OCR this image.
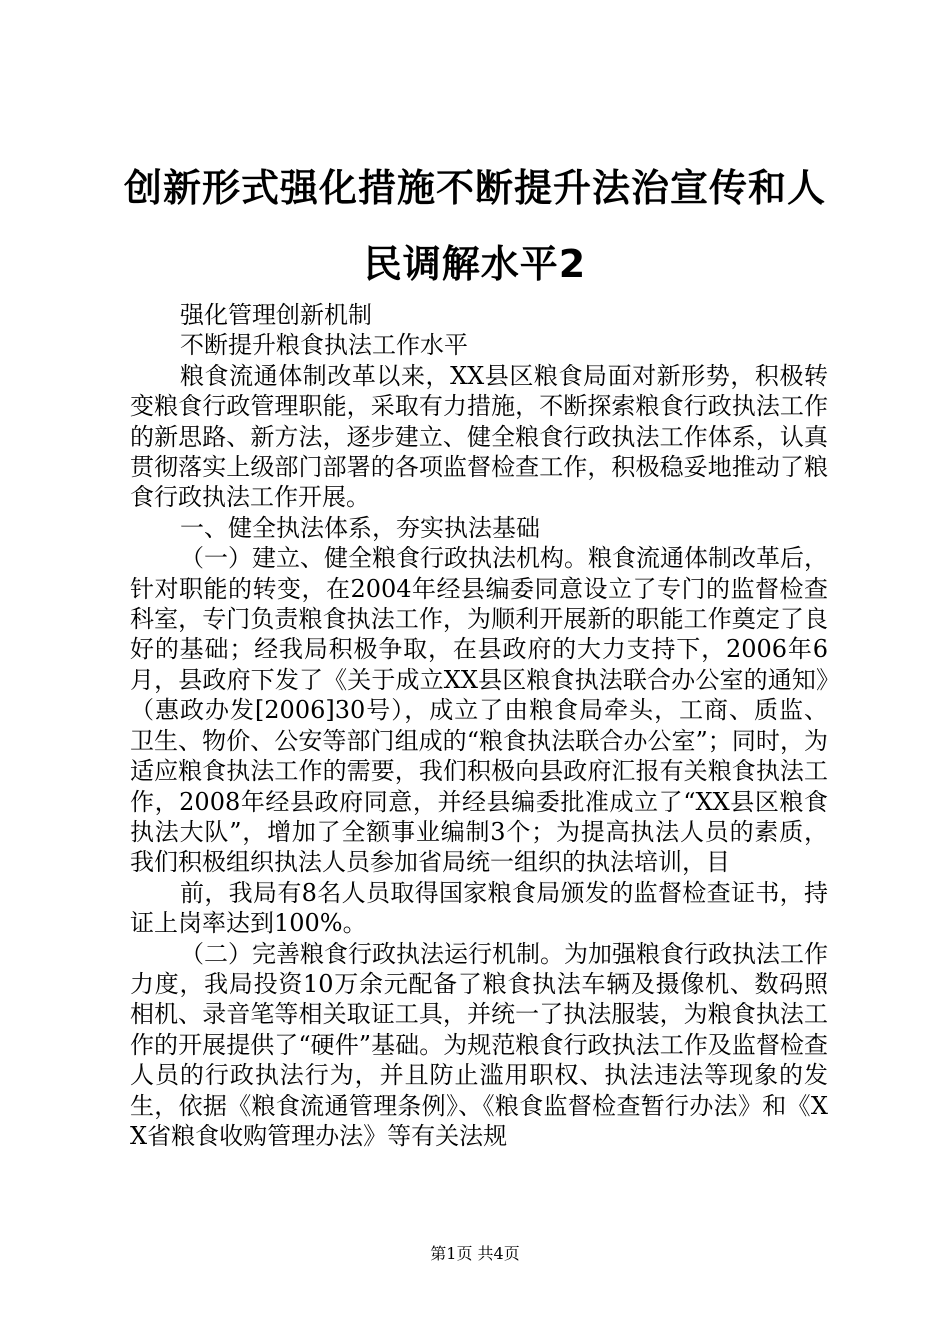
创新形式强化措施不断提升法治宣传和人民调解水平2

强化管理创新机制

不断提升粮食执法工作水平

粮食流通体制改革以来，XX县区粮食局面对新形势，积极转变粮食行政管理职能，采取有力措施，不断探索粮食行政执法工作的新思路、新方法，逐步建立、健全粮食行政执法工作体系，认真贯彻落实上级部门部署的各项监督检查工作，积极稳妥地推动了粮食行政执法工作开展。

一、健全执法体系，夯实执法基础

（一）建立、健全粮食行政执法机构。粮食流通体制改革后，针对职能的转变，在2004年经县编委同意设立了专门的监督检查科室，专门负责粮食执法工作，为顺利开展新的职能工作奠定了良好的基础；经我局积极争取，在县政府的大力支持下，2006年6月，县政府下发了《关于成立XX县区粮食执法联合办公室的通知》（惠政办发[2006]30号），成立了由粮食局牵头，工商、质监、卫生、物价、公安等部门组成的“粮食执法联合办公室”；同时，为适应粮食执法工作的需要，我们积极向县政府汇报有关粮食执法工作，2008年经县政府同意，并经县编委批准成立了“XX县区粮食执法大队”，增加了全额事业编制3个；为提高执法人员的素质，我们积极组织执法人员参加省局统一组织的执法培训，目

前，我局有8名人员取得国家粮食局颁发的监督检查证书，持证上岗率达到100%。

（二）完善粮食行政执法运行机制。为加强粮食行政执法工作力度，我局投资10万余元配备了粮食执法车辆及摄像机、数码照相机、录音笔等相关取证工具，并统一了执法服装，为粮食执法工作的开展提供了“硬件”基础。为规范粮食行政执法工作及监督检查人员的行政执法行为，并且防止滥用职权、执法违法等现象的发生，依据《粮食流通管理条例》、《粮食监督检查暂行办法》和《XX省粮食收购管理办法》等有关法规

第1页 共4页
